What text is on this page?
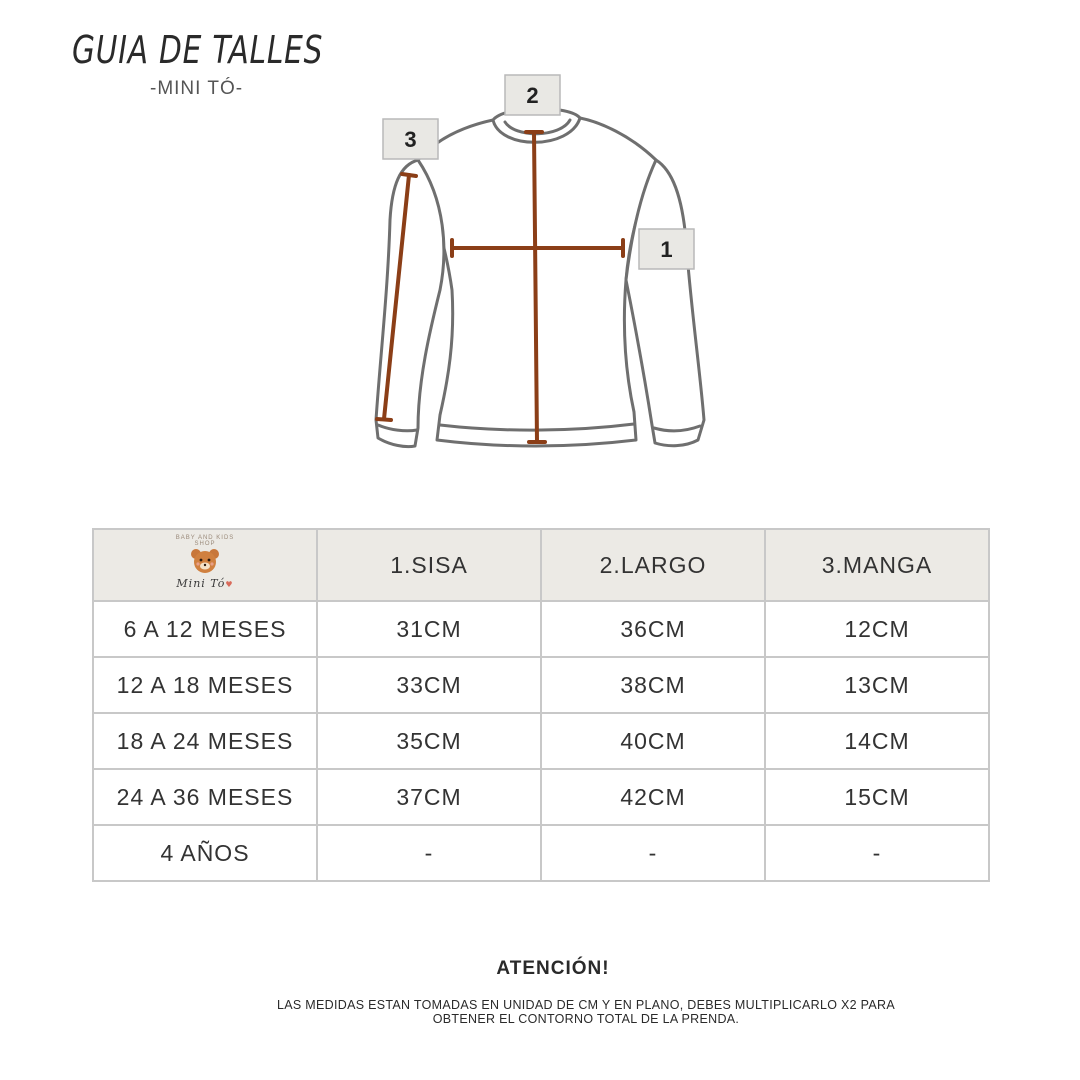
GUIA DE TALLES
-MINI TÓ-
1
2
3
BABY AND KIDS SHOP
Mini Tó♥	1.SISA	2.LARGO	3.MANGA
6 A 12 MESES	31CM	36CM	12CM
12 A 18 MESES	33CM	38CM	13CM
18 A 24 MESES	35CM	40CM	14CM
24 A 36 MESES	37CM	42CM	15CM
4 AÑOS	-	-	-
ATENCIÓN!
LAS MEDIDAS ESTAN TOMADAS EN UNIDAD DE CM Y EN PLANO, DEBES MULTIPLICARLO X2 PARA
OBTENER EL CONTORNO TOTAL DE LA PRENDA.
